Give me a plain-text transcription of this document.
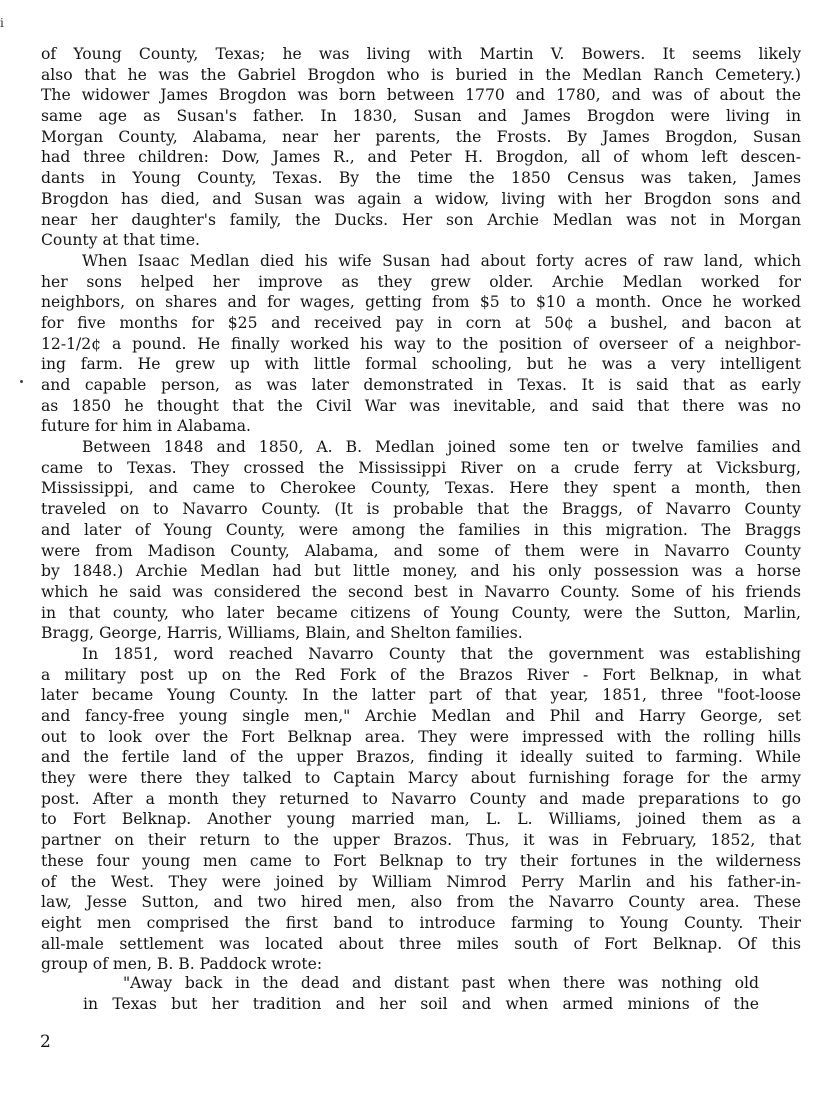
i
of Young County, Texas; he was living with Martin V. Bowers. It seems likely
also that he was the Gabriel Brogdon who is buried in the Medlan Ranch Cemetery.)
The widower James Brogdon was born between 1770 and 1780, and was of about the
same age as Susan's father. In 1830, Susan and James Brogdon were living in
Morgan County, Alabama, near her parents, the Frosts. By James Brogdon, Susan
had three children: Dow, James R., and Peter H. Brogdon, all of whom left descen-
dants in Young County, Texas. By the time the 1850 Census was taken, James
Brogdon has died, and Susan was again a widow, living with her Brogdon sons and
near her daughter's family, the Ducks. Her son Archie Medlan was not in Morgan
County at that time.
When Isaac Medlan died his wife Susan had about forty acres of raw land, which
her sons helped her improve as they grew older. Archie Medlan worked for
neighbors, on shares and for wages, getting from $5 to $10 a month. Once he worked
for five months for $25 and received pay in corn at 50¢ a bushel, and bacon at
12-1/2¢ a pound. He finally worked his way to the position of overseer of a neighbor-
ing farm. He grew up with little formal schooling, but he was a very intelligent
and capable person, as was later demonstrated in Texas. It is said that as early
as 1850 he thought that the Civil War was inevitable, and said that there was no
future for him in Alabama.
Between 1848 and 1850, A. B. Medlan joined some ten or twelve families and
came to Texas. They crossed the Mississippi River on a crude ferry at Vicksburg,
Mississippi, and came to Cherokee County, Texas. Here they spent a month, then
traveled on to Navarro County. (It is probable that the Braggs, of Navarro County
and later of Young County, were among the families in this migration. The Braggs
were from Madison County, Alabama, and some of them were in Navarro County
by 1848.) Archie Medlan had but little money, and his only possession was a horse
which he said was considered the second best in Navarro County. Some of his friends
in that county, who later became citizens of Young County, were the Sutton, Marlin,
Bragg, George, Harris, Williams, Blain, and Shelton families.
In 1851, word reached Navarro County that the government was establishing
a military post up on the Red Fork of the Brazos River - Fort Belknap, in what
later became Young County. In the latter part of that year, 1851, three "foot-loose
and fancy-free young single men," Archie Medlan and Phil and Harry George, set
out to look over the Fort Belknap area. They were impressed with the rolling hills
and the fertile land of the upper Brazos, finding it ideally suited to farming. While
they were there they talked to Captain Marcy about furnishing forage for the army
post. After a month they returned to Navarro County and made preparations to go
to Fort Belknap. Another young married man, L. L. Williams, joined them as a
partner on their return to the upper Brazos. Thus, it was in February, 1852, that
these four young men came to Fort Belknap to try their fortunes in the wilderness
of the West. They were joined by William Nimrod Perry Marlin and his father-in-
law, Jesse Sutton, and two hired men, also from the Navarro County area. These
eight men comprised the first band to introduce farming to Young County. Their
all-male settlement was located about three miles south of Fort Belknap. Of this
group of men, B. B. Paddock wrote:
"Away back in the dead and distant past when there was nothing old
in Texas but her tradition and her soil and when armed minions of the
2
